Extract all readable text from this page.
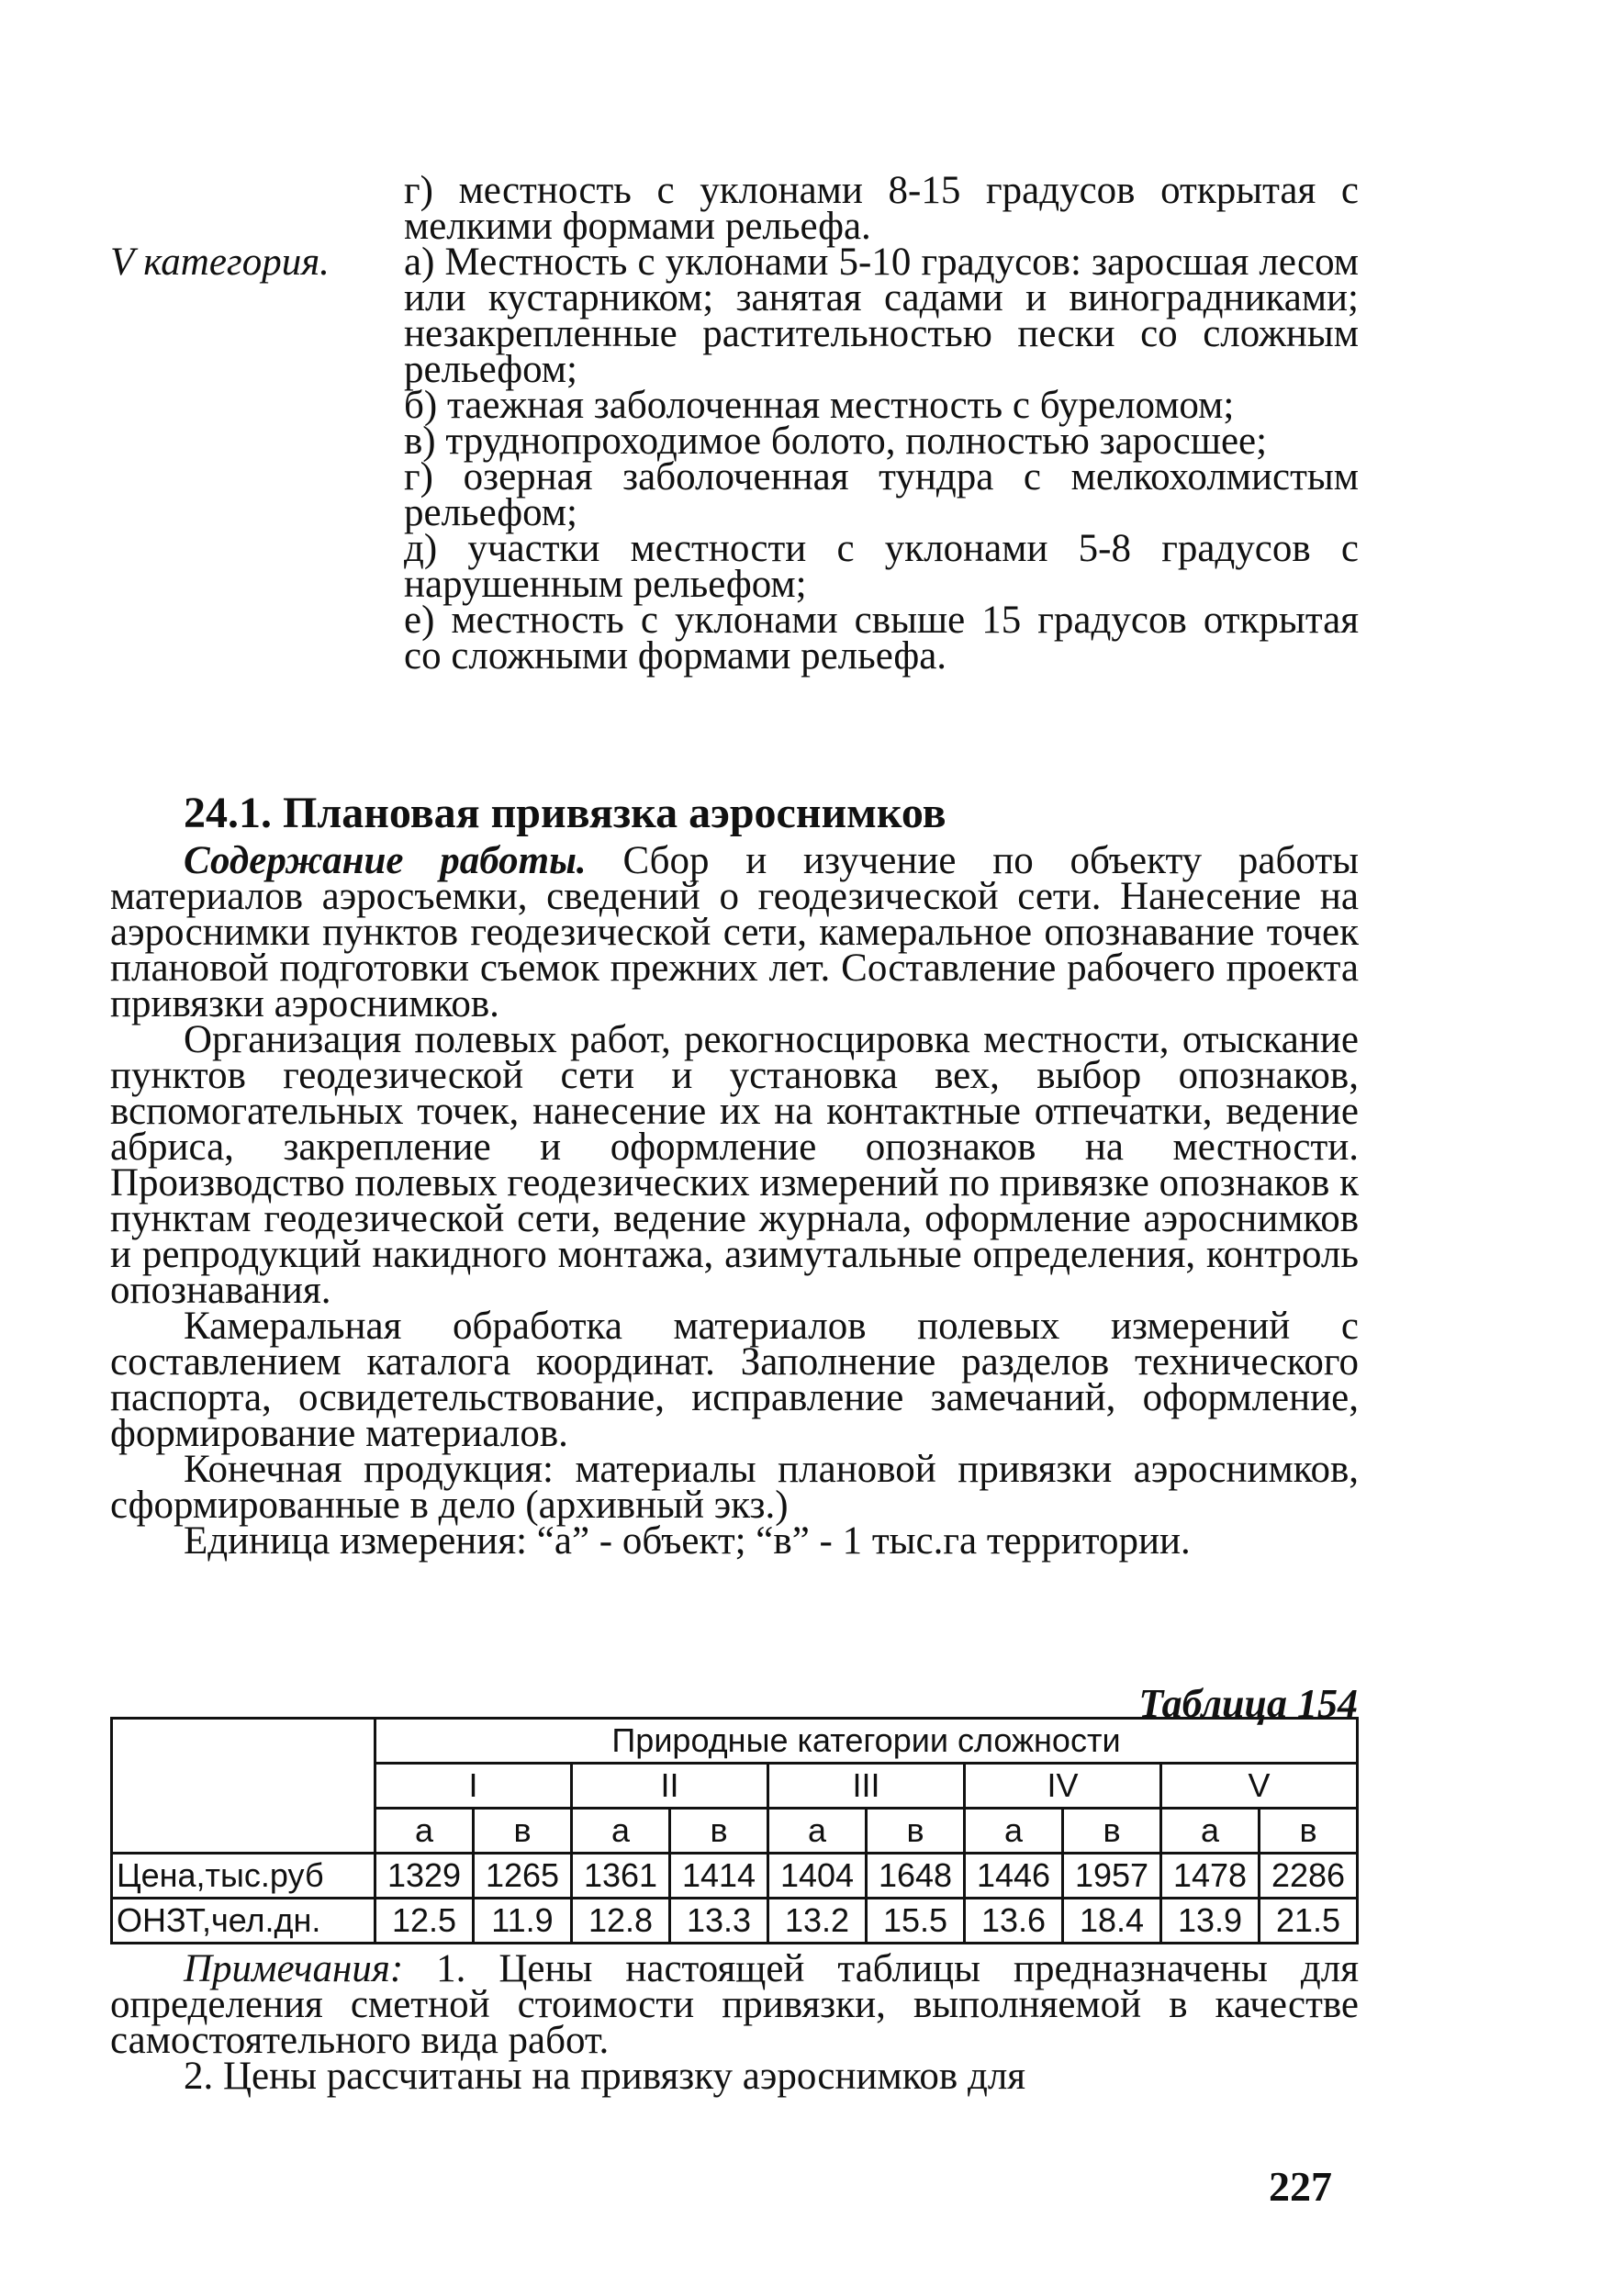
г) местность с уклонами 8-15 градусов открытая с мелкими формами рельефа.

V категория.	а) Местность с уклонами 5-10 градусов: заросшая лесом или кустарником; занятая садами и виноградниками; незакрепленные растительностью пески со сложным рельефом;

б) таежная заболоченная местность с буреломом;

в) труднопроходимое болото, полностью заросшее;

г) озерная заболоченная тундра с мелкохолмистым рельефом;

д) участки местности с уклонами 5-8 градусов с нарушенным рельефом;

е) местность с уклонами свыше 15 градусов открытая со сложными формами рельефа.

24.1. Плановая привязка аэроснимков

Содержание работы. Сбор и изучение по объекту работы материалов аэросъемки, сведений о геодезической сети. Нанесение на аэроснимки пунктов геодезической сети, камеральное опознавание точек плановой подготовки съемок прежних лет. Составление рабочего проекта привязки аэроснимков.

Организация полевых работ, рекогносцировка местности, отыскание пунктов геодезической сети и установка вех, выбор опознаков, вспомогательных точек, нанесение их на контактные отпечатки, ведение абриса, закрепление и оформление опознаков на местности. Производство полевых геодезических измерений по привязке опознаков к пунктам геодезической сети, ведение журнала, оформление аэроснимков и репродукций накидного монтажа, азимутальные определения, контроль опознавания.

Камеральная обработка материалов полевых измерений с составлением каталога координат. Заполнение разделов технического паспорта, освидетельствование, исправление замечаний, оформление, формирование материалов.

Конечная продукция: материалы плановой привязки аэроснимков, сформированные в дело (архивный экз.)

Единица измерения: “а” - объект; “в” - 1 тыс.га территории.

Таблица 154
	Природные категории сложности									
	I		II		III		IV		V	
	а	в	а	в	а	в	а	в	а	в
Цена,тыс.руб	1329	1265	1361	1414	1404	1648	1446	1957	1478	2286
ОНЗТ,чел.дн.	12.5	11.9	12.8	13.3	13.2	15.5	13.6	18.4	13.9	21.5

Примечания: 1. Цены настоящей таблицы предназначены для определения сметной стоимости привязки, выполняемой в качестве самостоятельного вида работ.

2. Цены рассчитаны на привязку аэроснимков для

227
